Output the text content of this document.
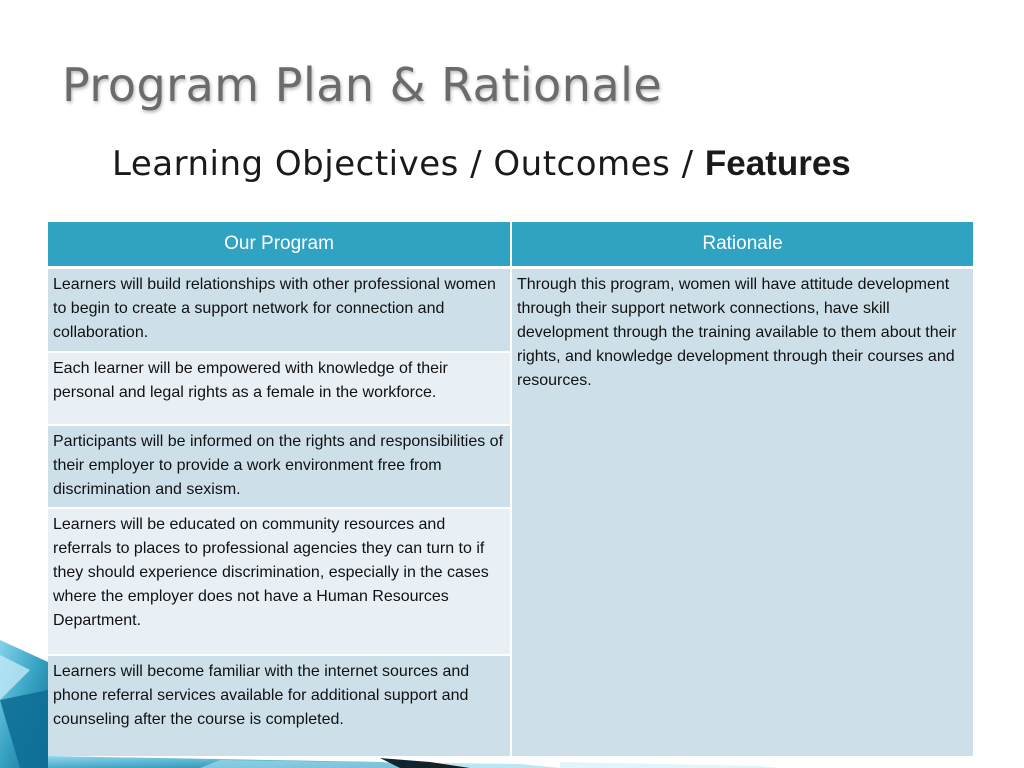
Program Plan & Rationale
Learning Objectives / Outcomes / Features
Our Program	Rationale
Learners will build relationships with other professional women to begin to create a support network for connection and collaboration.	Through this program, women will have attitude development through their support network connections, have skill development through the training available to them about their rights, and knowledge development through their courses and resources.
Each learner will be empowered with knowledge of their personal and legal rights as a female in the workforce.	
Participants will be informed on the rights and responsibilities of their employer to provide a work environment free from discrimination and sexism.	
Learners will be educated on community resources and referrals to places to professional agencies they can turn to if they should experience discrimination, especially in the cases where the employer does not have a Human Resources Department.	
Learners will become familiar with the internet sources and phone referral services available for additional support and counseling after the course is completed.	
